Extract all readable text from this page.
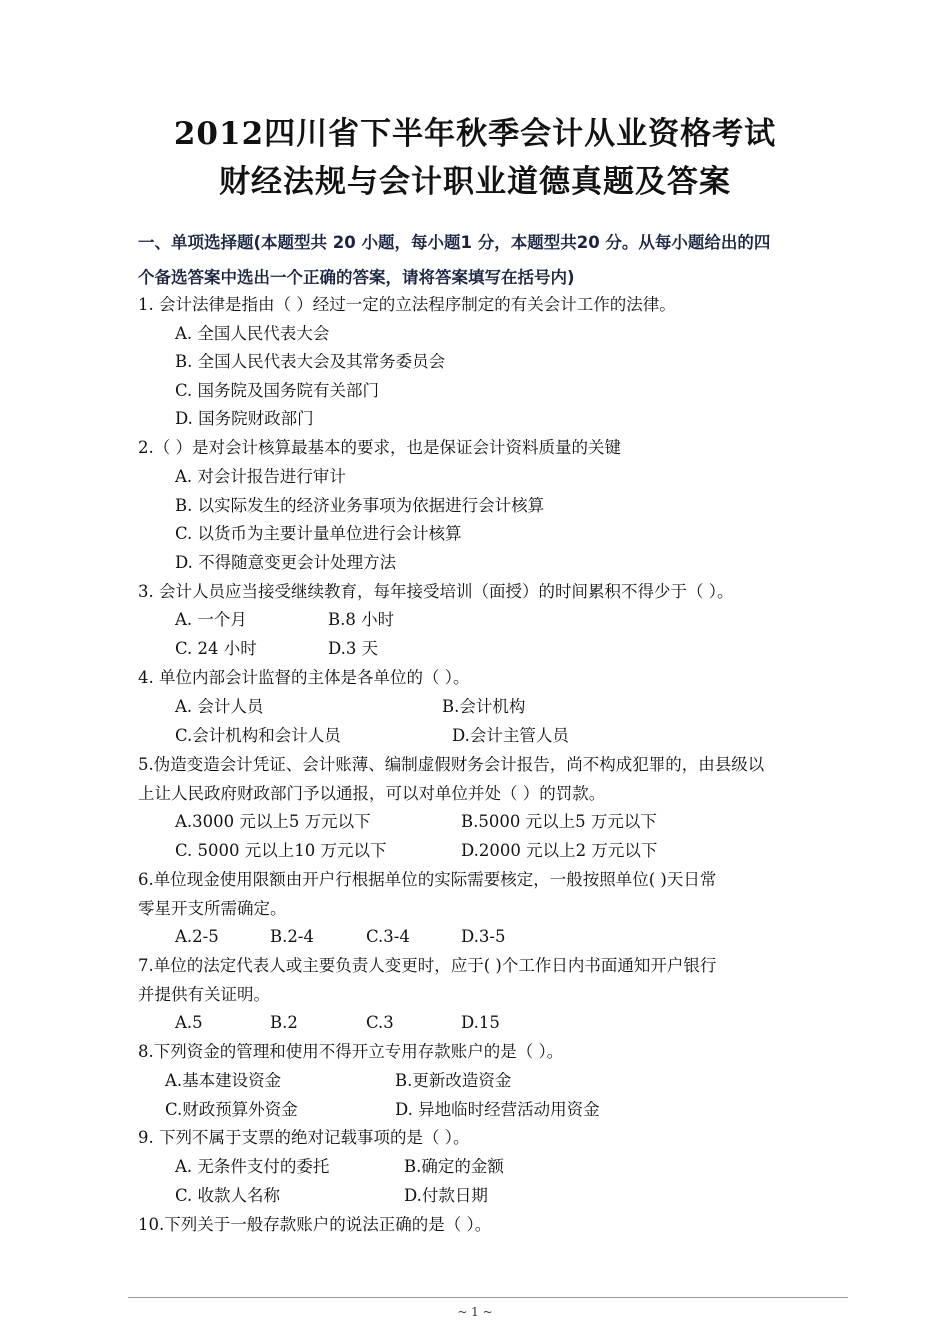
2012四川省下半年秋季会计从业资格考试
财经法规与会计职业道德真题及答案
一、单项选择题(本题型共 20 小题，每小题1 分，本题型共20 分。从每小题给出的四
个备选答案中选出一个正确的答案，请将答案填写在括号内)
1. 会计法律是指由（ ）经过一定的立法程序制定的有关会计工作的法律。
A. 全国人民代表大会
B. 全国人民代表大会及其常务委员会
C. 国务院及国务院有关部门
D. 国务院财政部门
2.（ ）是对会计核算最基本的要求，也是保证会计资料质量的关键
A. 对会计报告进行审计
B. 以实际发生的经济业务事项为依据进行会计核算
C. 以货币为主要计量单位进行会计核算
D. 不得随意变更会计处理方法
3. 会计人员应当接受继续教育，每年接受培训（面授）的时间累积不得少于（ ）。
A. 一个月	B.8 小时
C. 24 小时	D.3 天
4. 单位内部会计监督的主体是各单位的（ ）。
A. 会计人员	B.会计机构
C.会计机构和会计人员	D.会计主管人员
5.伪造变造会计凭证、会计账薄、编制虚假财务会计报告，尚不构成犯罪的，由县级以
上让人民政府财政部门予以通报，可以对单位并处（ ）的罚款。
A.3000 元以上5 万元以下	B.5000 元以上5 万元以下
C. 5000 元以上10 万元以下	D.2000 元以上2 万元以下
6.单位现金使用限额由开户行根据单位的实际需要核定，一般按照单位( )天日常
零星开支所需确定。
A.2-5	B.2-4	C.3-4	D.3-5
7.单位的法定代表人或主要负责人变更时，应于( )个工作日内书面通知开户银行
并提供有关证明。
A.5	B.2	C.3	D.15
8.下列资金的管理和使用不得开立专用存款账户的是（ ）。
A.基本建设资金	B.更新改造资金
C.财政预算外资金	D. 异地临时经营活动用资金
9. 下列不属于支票的绝对记载事项的是（ ）。
A. 无条件支付的委托	B.确定的金额
C. 收款人名称	D.付款日期
10.下列关于一般存款账户的说法正确的是（ ）。
~ 1 ~
